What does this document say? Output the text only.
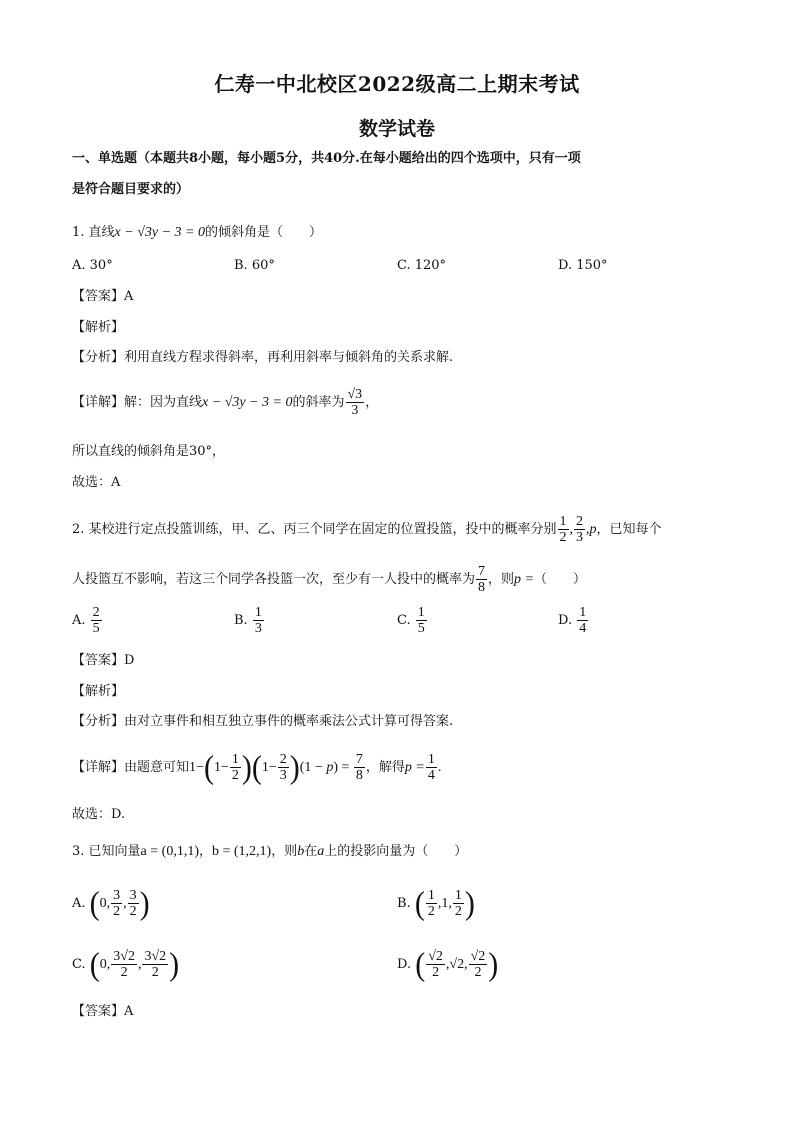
仁寿一中北校区2022级高二上期末考试
数学试卷
一、单选题（本题共8小题，每小题5分，共40分.在每小题给出的四个选项中，只有一项
是符合题目要求的）
1. 直线x − √3y − 3 = 0的倾斜角是（　　）
A. 30°	B. 60°	C. 120°	D. 150°
【答案】A
【解析】
【分析】利用直线方程求得斜率，再利用斜率与倾斜角的关系求解.
【详解】解：因为直线x − √3y − 3 = 0的斜率为 $\frac{√3}{3}$ ，
所以直线的倾斜角是30°，
故选：A
2. 某校进行定点投篮训练，甲、乙、丙三个同学在固定的位置投篮，投中的概率分别 $\frac{1}{2}$ , $\frac{2}{3} ,p$，已知每个
人投篮互不影响，若这三个同学各投篮一次，至少有一人投中的概率为 $\frac{7}{8}$ ，则p =（　　）
A. $\frac{2}{5}$	B. $\frac{1}{3}$	C. $\frac{1}{5}$	D. $\frac{1}{4}$
【答案】D
【解析】
【分析】由对立事件和相互独立事件的概率乘法公式计算可得答案.
【详解】由题意可知$1-(1- \frac{1}{2} )(1- \frac{2}{3} )(1 - p) = \frac{7}{8}$ ，解得$p = \frac{1}{4}$ .
故选：D.
3. 已知向量a = (0,1,1)，b = (1,2,1)，则b在a上的投影向量为（　　）
A. (0, $\frac{3}{2}$ , $\frac{3}{2}$ )	B. ( $\frac{1}{2} ,1$, $\frac{1}{2}$ )
C. (0, $\frac{3√2}{2}$ , $\frac{3√2}{2}$ )	D. ( $\frac{√2}{2} ,√2$, $\frac{√2}{2}$ )
【答案】A
